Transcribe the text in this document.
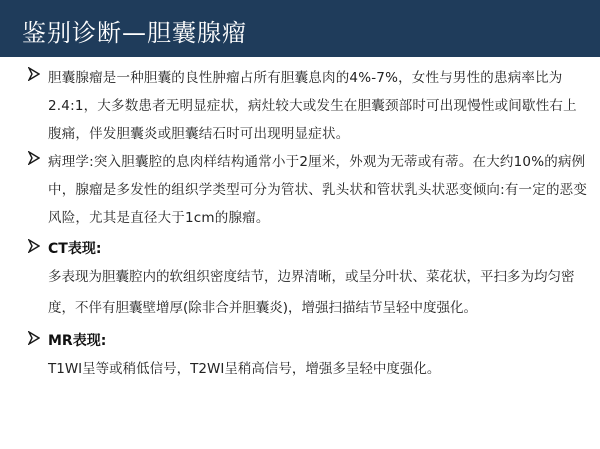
鉴别诊断—胆囊腺瘤

胆囊腺瘤是一种胆囊的良性肿瘤占所有胆囊息肉的4%-7%，女性与男性的患病率比为2.4:1，大多数患者无明显症状，病灶较大或发生在胆囊颈部时可出现慢性或间歇性右上腹痛，伴发胆囊炎或胆囊结石时可出现明显症状。

病理学:突入胆囊腔的息肉样结构通常小于2厘米，外观为无蒂或有蒂。在大约10%的病例中，腺瘤是多发性的组织学类型可分为管状、乳头状和管状乳头状恶变倾向:有一定的恶变风险，尤其是直径大于1cm的腺瘤。

CT表现:

多表现为胆囊腔内的软组织密度结节，边界清晰，或呈分叶状、菜花状，平扫多为均匀密度，不伴有胆囊壁增厚(除非合并胆囊炎)，增强扫描结节呈轻中度强化。

MR表现:

T1WI呈等或稍低信号，T2WI呈稍高信号，增强多呈轻中度强化。
